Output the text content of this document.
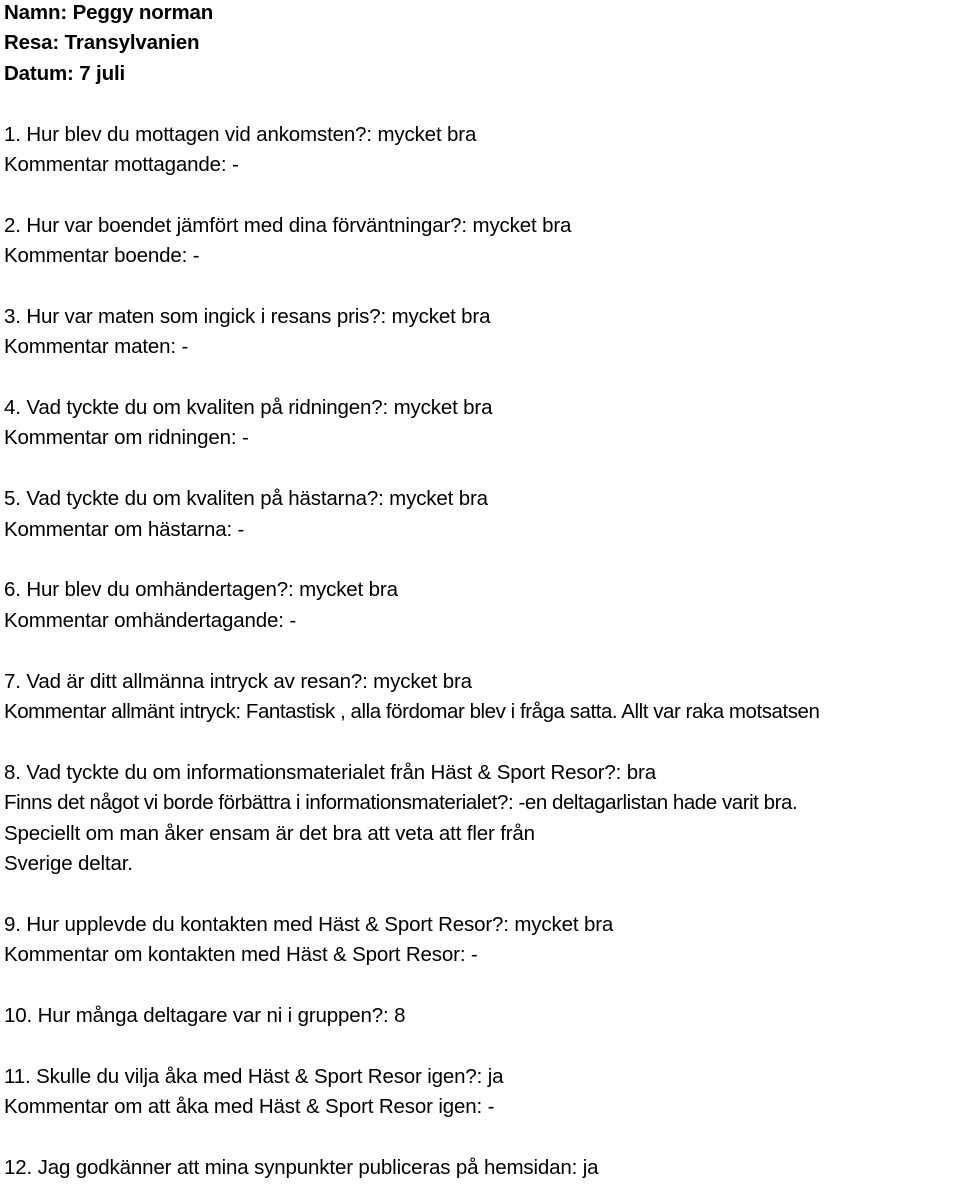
Namn: Peggy norman
Resa: Transylvanien
Datum: 7 juli
1. Hur blev du mottagen vid ankomsten?: mycket bra
Kommentar mottagande: -
2. Hur var boendet jämfört med dina förväntningar?: mycket bra
Kommentar boende: -
3. Hur var maten som ingick i resans pris?: mycket bra
Kommentar maten: -
4. Vad tyckte du om kvaliten på ridningen?: mycket bra
Kommentar om ridningen: -
5. Vad tyckte du om kvaliten på hästarna?: mycket bra
Kommentar om hästarna: -
6. Hur blev du omhändertagen?: mycket bra
Kommentar omhändertagande: -
7. Vad är ditt allmänna intryck av resan?: mycket bra
Kommentar allmänt intryck: Fantastisk , alla fördomar blev i fråga satta. Allt var raka motsatsen
8. Vad tyckte du om informationsmaterialet från Häst & Sport Resor?: bra
Finns det något vi borde förbättra i informationsmaterialet?: -en deltagarlistan hade varit bra.
Speciellt om man åker ensam är det bra att veta att fler från
Sverige deltar.
9. Hur upplevde du kontakten med Häst & Sport Resor?: mycket bra
Kommentar om kontakten med Häst & Sport Resor: -
10. Hur många deltagare var ni i gruppen?: 8
11. Skulle du vilja åka med Häst & Sport Resor igen?: ja
Kommentar om att åka med Häst & Sport Resor igen: -
12. Jag godkänner att mina synpunkter publiceras på hemsidan: ja
